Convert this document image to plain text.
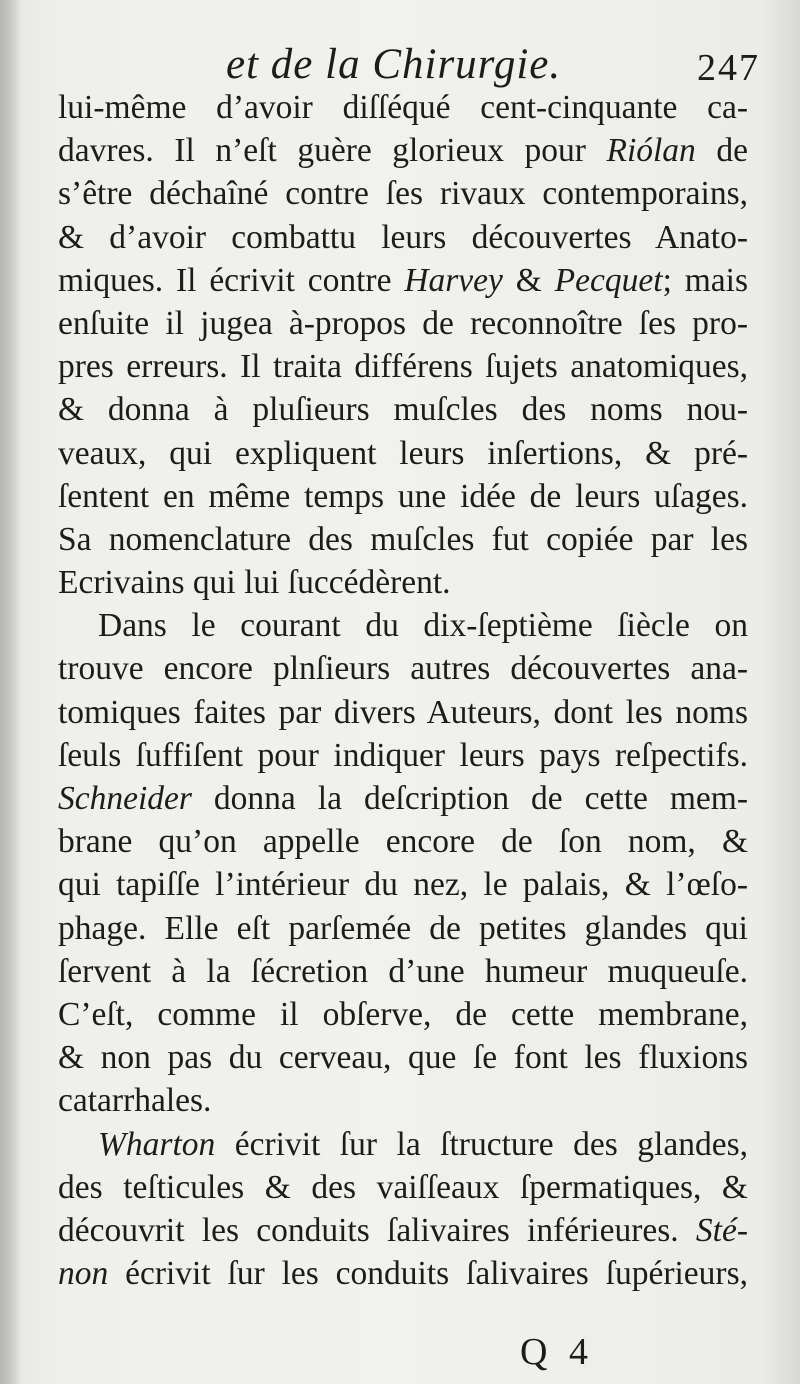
et de la Chirurgie.	247
lui-même d’avoir diſſéqué cent-cinquante ca-
davres. Il n’eſt guère glorieux pour Riólan de
s’être déchaîné contre ſes rivaux contemporains,
& d’avoir combattu leurs découvertes Anato-
miques. Il écrivit contre Harvey & Pecquet; mais
enſuite il jugea à-propos de reconnoître ſes pro-
pres erreurs. Il traita différens ſujets anatomiques,
& donna à pluſieurs muſcles des noms nou-
veaux, qui expliquent leurs inſertions, & pré-
ſentent en même temps une idée de leurs uſages.
Sa nomenclature des muſcles fut copiée par les
Ecrivains qui lui ſuccédèrent.
Dans le courant du dix-ſeptième ſiècle on
trouve encore plnſieurs autres découvertes ana-
tomiques faites par divers Auteurs, dont les noms
ſeuls ſuffiſent pour indiquer leurs pays reſpectifs.
Schneider donna la deſcription de cette mem-
brane qu’on appelle encore de ſon nom, &
qui tapiſſe l’intérieur du nez, le palais, & l’œſo-
phage. Elle eſt parſemée de petites glandes qui
ſervent à la ſécretion d’une humeur muqueuſe.
C’eſt, comme il obſerve, de cette membrane,
& non pas du cerveau, que ſe font les fluxions
catarrhales.
Wharton écrivit ſur la ſtructure des glandes,
des teſticules & des vaiſſeaux ſpermatiques, &
découvrit les conduits ſalivaires inférieures. Sté-
non écrivit ſur les conduits ſalivaires ſupérieurs,
Q 4
